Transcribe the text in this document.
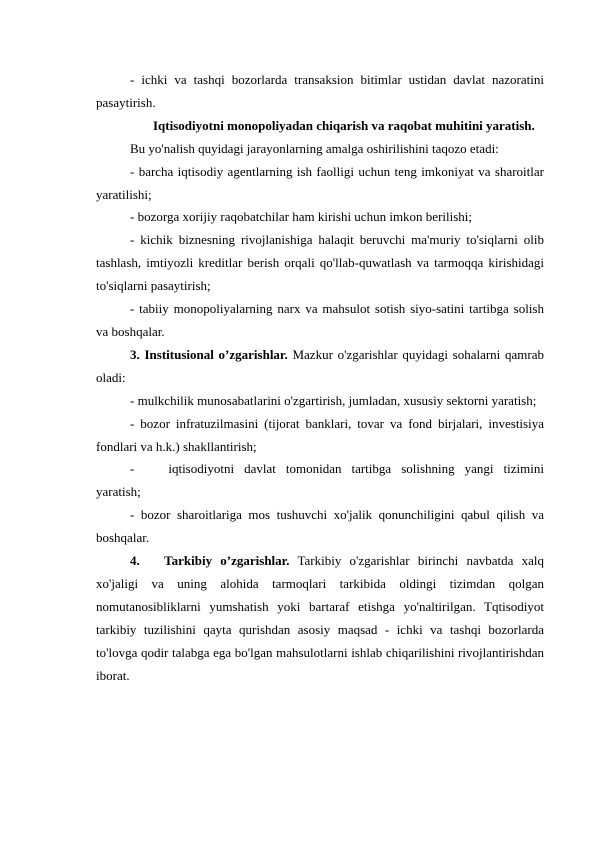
- ichki va tashqi bozorlarda transaksion bitimlar ustidan davlat nazoratini pasaytirish.

Iqtisodiyotni monopoliyadan chiqarish va raqobat muhitini yaratish.

Bu yo'nalish quyidagi jarayonlarning amalga oshirilishini taqozo etadi:

- barcha iqtisodiy agentlarning ish faolligi uchun teng imkoniyat va sharoitlar yaratilishi;

- bozorga xorijiy raqobatchilar ham kirishi uchun imkon berilishi;

- kichik biznesning rivojlanishiga halaqit beruvchi ma'muriy to'siqlarni olib tashlash, imtiyozli kreditlar berish orqali qo'llab-quwatlash va tarmoqqa kirishidagi to'siqlarni pasaytirish;

- tabiiy monopoliyalarning narx va mahsulot sotish siyo-satini tartibga solish va boshqalar.

3. Institusional o’zgarishlar. Mazkur o'zgarishlar quyidagi sohalarni qamrab oladi:

- mulkchilik munosabatlarini o'zgartirish, jumladan, xususiy sektorni yaratish;

- bozor infratuzilmasini (tijorat banklari, tovar va fond birjalari, investisiya fondlari va h.k.) shakllantirish;

-	iqtisodiyotni davlat tomonidan tartibga solishning yangi tizimini yaratish;

- bozor sharoitlariga mos tushuvchi xo'jalik qonunchiligini qabul qilish va boshqalar.

4.   Tarkibiy o’zgarishlar. Tarkibiy o'zgarishlar birinchi navbatda xalq xo'jaligi va uning alohida tarmoqlari tarkibida oldingi tizimdan qolgan nomutanosibliklarni yumshatish yoki bartaraf etishga yo'naltirilgan. Tqtisodiyot tarkibiy tuzilishini qayta qurishdan asosiy maqsad - ichki va tashqi bozorlarda to'lovga qodir talabga ega bo'lgan mahsulotlarni ishlab chiqarilishini rivojlantirishdan iborat.
